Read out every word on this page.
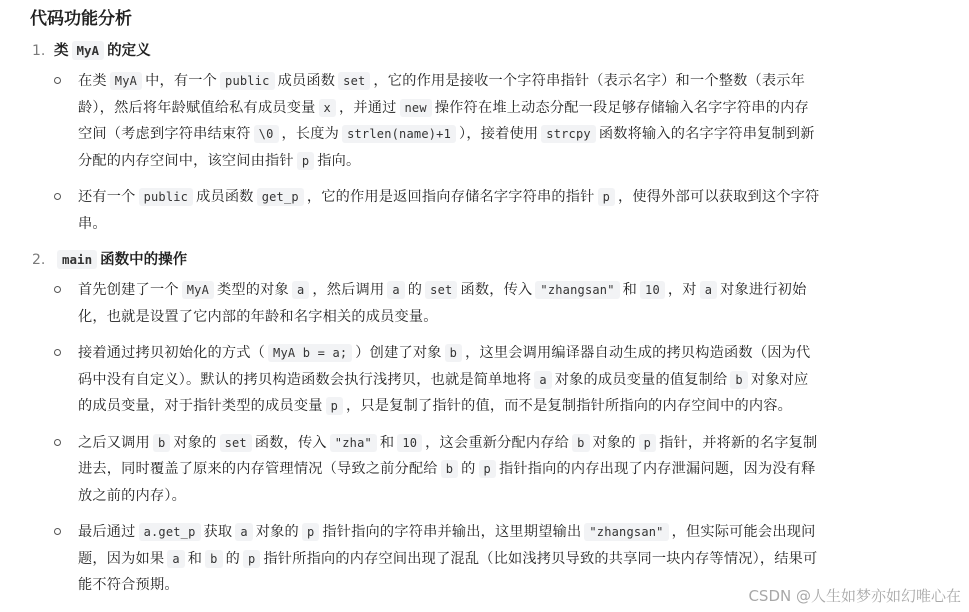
代码功能分析
1. 类 MyA 的定义
在类 MyA 中，有一个 public 成员函数 set ，它的作用是接收一个字符串指针（表示名字）和一个整数（表示年龄），然后将年龄赋值给私有成员变量 x ，并通过 new 操作符在堆上动态分配一段足够存储输入名字字符串的内存空间（考虑到字符串结束符 \0 ，长度为 strlen(name)+1 ），接着使用 strcpy 函数将输入的名字字符串复制到新分配的内存空间中，该空间由指针 p 指向。
还有一个 public 成员函数 get_p ，它的作用是返回指向存储名字字符串的指针 p ，使得外部可以获取到这个字符串。
2. main 函数中的操作
首先创建了一个 MyA 类型的对象 a ，然后调用 a 的 set 函数，传入 "zhangsan" 和 10 ，对 a 对象进行初始化，也就是设置了它内部的年龄和名字相关的成员变量。
接着通过拷贝初始化的方式（ MyA b = a; ）创建了对象 b ，这里会调用编译器自动生成的拷贝构造函数（因为代码中没有自定义）。默认的拷贝构造函数会执行浅拷贝，也就是简单地将 a 对象的成员变量的值复制给 b 对象对应的成员变量，对于指针类型的成员变量 p ，只是复制了指针的值，而不是复制指针所指向的内存空间中的内容。
之后又调用 b 对象的 set 函数，传入 "zha" 和 10 ，这会重新分配内存给 b 对象的 p 指针，并将新的名字复制进去，同时覆盖了原来的内存管理情况（导致之前分配给 b 的 p 指针指向的内存出现了内存泄漏问题，因为没有释放之前的内存）。
最后通过 a.get_p 获取 a 对象的 p 指针指向的字符串并输出，这里期望输出 "zhangsan" ，但实际可能会出现问题，因为如果 a 和 b 的 p 指针所指向的内存空间出现了混乱（比如浅拷贝导致的共享同一块内存等情况），结果可能不符合预期。
CSDN @人生如梦亦如幻唯心在
